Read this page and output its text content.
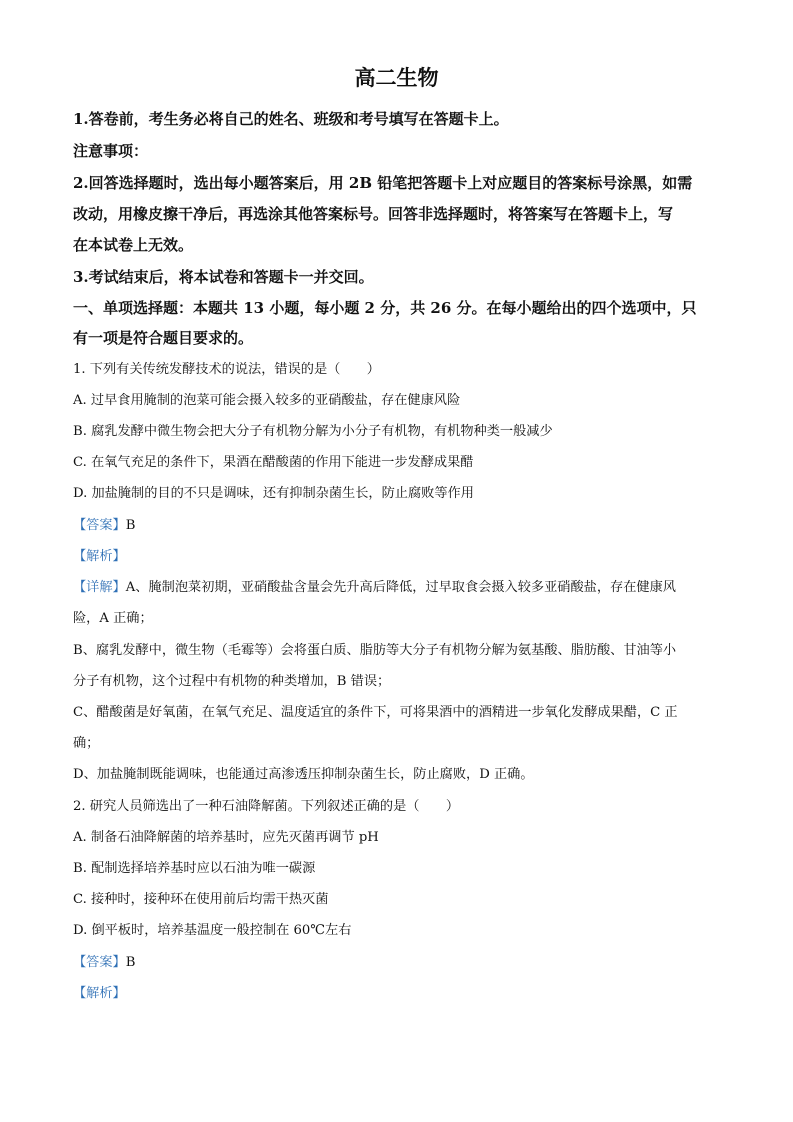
高二生物
1.答卷前，考生务必将自己的姓名、班级和考号填写在答题卡上。
注意事项：
2.回答选择题时，选出每小题答案后，用 2B 铅笔把答题卡上对应题目的答案标号涂黑，如需
改动，用橡皮擦干净后，再选涂其他答案标号。回答非选择题时，将答案写在答题卡上，写
在本试卷上无效。
3.考试结束后，将本试卷和答题卡一并交回。
一、单项选择题：本题共 13 小题，每小题 2 分，共 26 分。在每小题给出的四个选项中，只
有一项是符合题目要求的。
1. 下列有关传统发酵技术的说法，错误的是（　　）
A. 过早食用腌制的泡菜可能会摄入较多的亚硝酸盐，存在健康风险
B. 腐乳发酵中微生物会把大分子有机物分解为小分子有机物，有机物种类一般减少
C. 在氧气充足的条件下，果酒在醋酸菌的作用下能进一步发酵成果醋
D. 加盐腌制的目的不只是调味，还有抑制杂菌生长，防止腐败等作用
【答案】B
【解析】
【详解】A、腌制泡菜初期，亚硝酸盐含量会先升高后降低，过早取食会摄入较多亚硝酸盐，存在健康风
险，A 正确；
B、腐乳发酵中，微生物（毛霉等）会将蛋白质、脂肪等大分子有机物分解为氨基酸、脂肪酸、甘油等小
分子有机物，这个过程中有机物的种类增加，B 错误；
C、醋酸菌是好氧菌，在氧气充足、温度适宜的条件下，可将果酒中的酒精进一步氧化发酵成果醋，C 正
确；
D、加盐腌制既能调味，也能通过高渗透压抑制杂菌生长，防止腐败，D 正确。
2. 研究人员筛选出了一种石油降解菌。下列叙述正确的是（　　）
A. 制备石油降解菌的培养基时，应先灭菌再调节 pH
B. 配制选择培养基时应以石油为唯一碳源
C. 接种时，接种环在使用前后均需干热灭菌
D. 倒平板时，培养基温度一般控制在 60℃左右
【答案】B
【解析】
